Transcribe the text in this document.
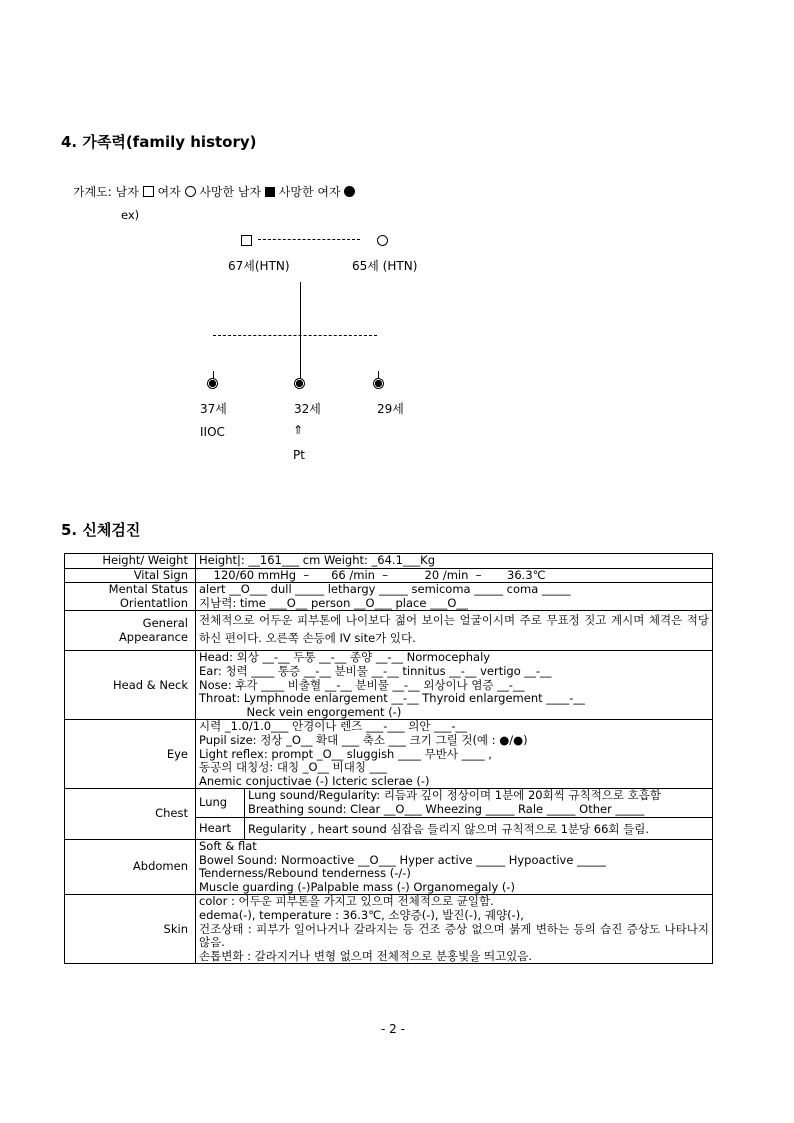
4. 가족력(family history)
가계도: 남자 여자 사망한 남자 사망한 여자
ex)
67세(HTN)	65세 (HTN)
37세	32세	29세
IIOC	⇑
Pt
5. 신체검진
Height/ Weight	Height|: __161___ cm Weight: _64.1___Kg	

Vital Sign	120/60 mmHg  –      66 /min  –          20 /min  –       36.3℃	

Mental Status
Orientatlion	alert __O___ dull _____ lethargy _____ semicoma _____ coma _____
지남력: time ___O__ person __O___ place ___O__	

General
Appearance	전체적으로 어두운 피부톤에 나이보다 젊어 보이는 얼굴이시며 주로 무표정 짓고 계시며 체격은 적당하신 편이다. 오른쪽 손등에 IV site가 있다.	
Head & Neck	Head: 외상 __-__ 두통 __-__ 종양 __-__ Normocephaly
Ear: 청력 ____ 통증 __-__ 분비물 __-__ tinnitus __-__ vertigo __-__
Nose: 후각 ____ 비출혈 __-__ 분비물 __-__ 외상이나 염증 __-__
Throat: Lymphnode enlargement __-__ Thyroid enlargement ____-__
Neck vein engorgement (-)	

Eye	시력 _1.0/1.0___ 안경이나 렌즈 ___-___ 의안 ___-__
Pupil size: 정상 _O__ 확대 ___ 축소 ___ 크기 그릴 것(예 : ●/●)
Light reflex: prompt _O__ sluggish ____ 무반사 ____ ,
동공의 대칭성: 대칭 _O__ 비대칭 ___
Anemic conjuctivae (-) Icteric sclerae (-)	

Chest	Lung	Lung sound/Regularity: 리듬과 깊이 정상이며 1분에 20회씩 규칙적으로 호흡함
Breathing sound: Clear __O___ Wheezing _____ Rale _____ Other _____

	Heart	Regularity , heart sound 심잡음 들리지 않으며 규칙적으로 1분당 66회 들림.

Abdomen	Soft & flat
Bowel Sound: Normoactive __O___ Hyper active _____ Hypoactive _____
Tenderness/Rebound tenderness (-/-)
Muscle guarding (-)Palpable mass (-) Organomegaly (-)	

Skin	color : 어두운 피부톤을 가지고 있으며 전체적으로 균일함.
edema(-), temperature : 36.3℃, 소양증(-), 발진(-), 궤양(-),
건조상태 : 피부가 일어나거나 갈라지는 등 건조 증상 없으며 붉게 변하는 등의 습진 증상도 나타나지 않음.
손톱변화 : 갈라지거나 변형 없으며 전체적으로 분홍빛을 띄고있음.	
- 2 -
